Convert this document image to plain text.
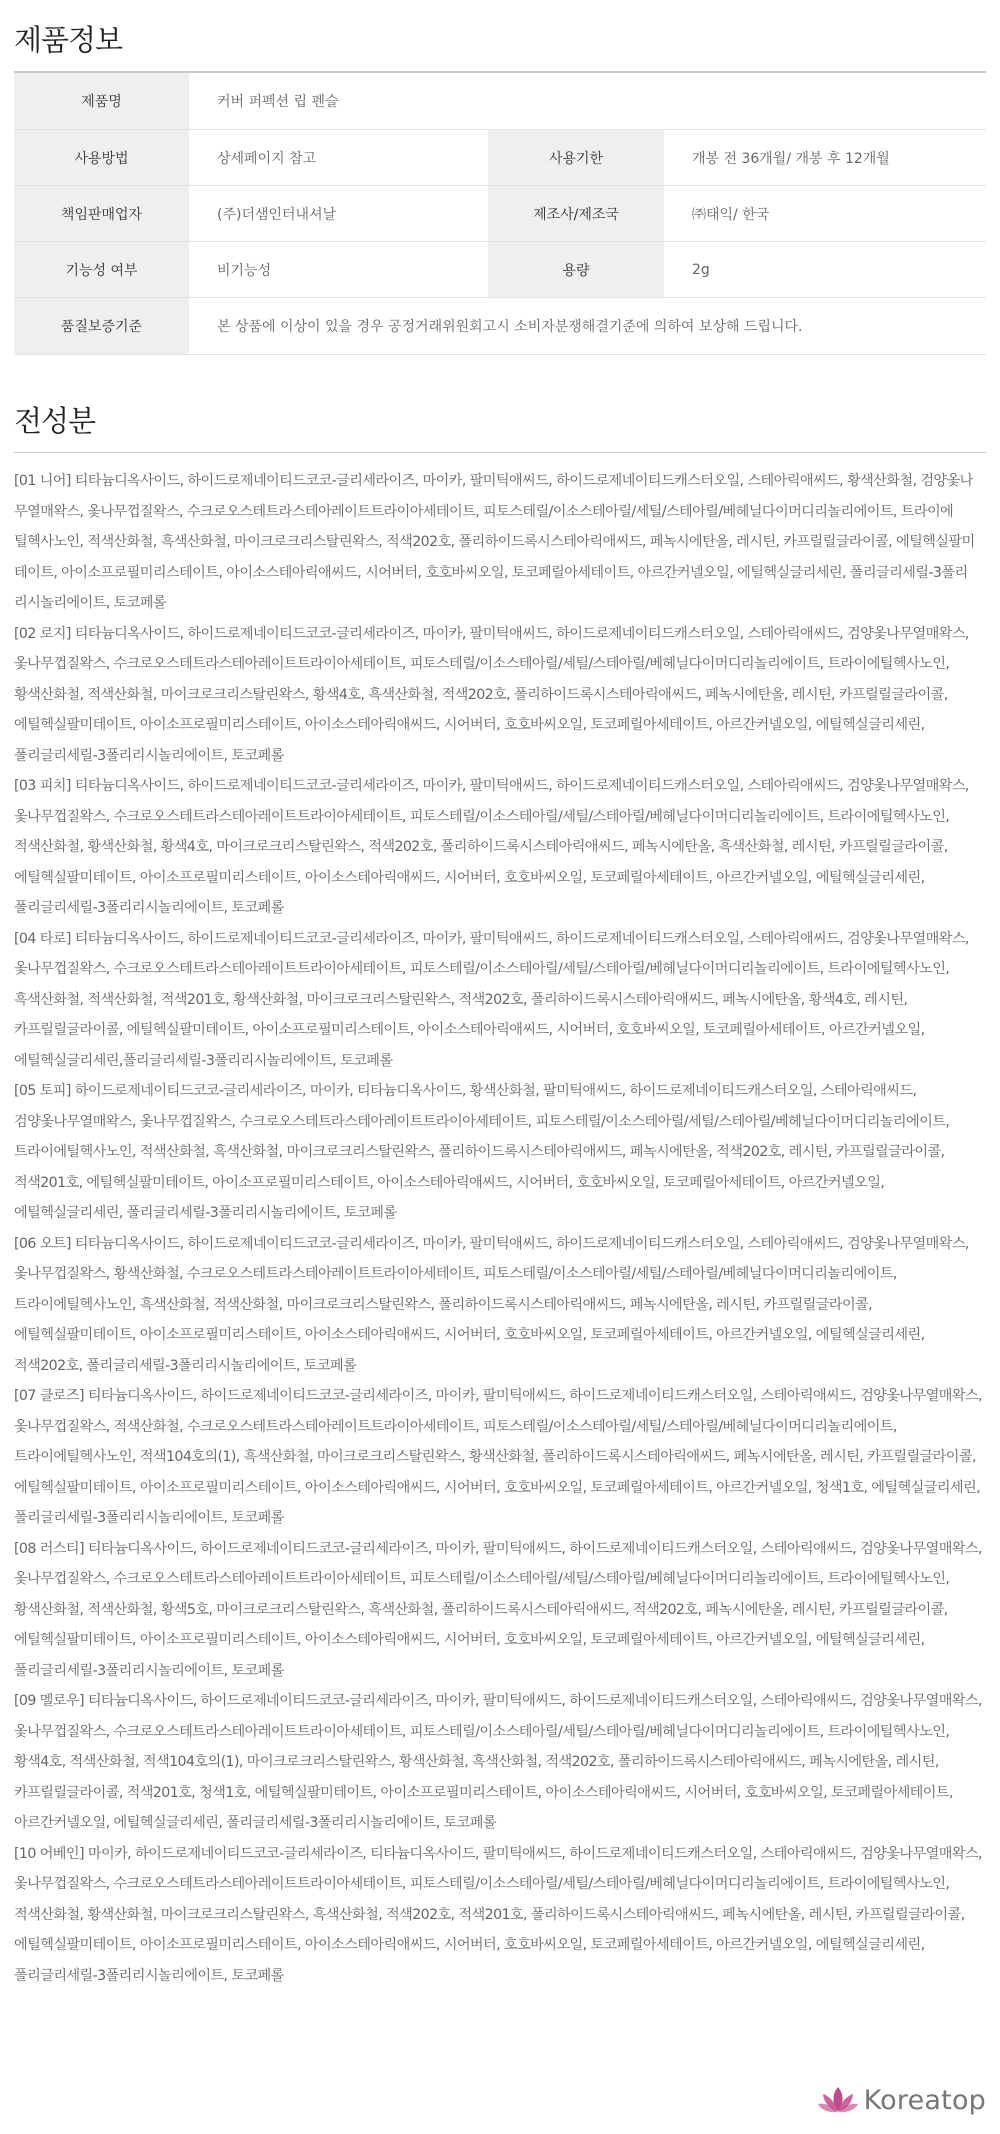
제품정보
제품명	커버 퍼펙션 립 펜슬		
사용방법	상세페이지 참고	사용기한	개봉 전 36개월/ 개봉 후 12개월
책임판매업자	(주)더샘인터내셔날	제조사/제조국	㈜태익/ 한국
기능성 여부	비기능성	용량	2g
품질보증기준	본 상품에 이상이 있을 경우 공정거래위원회고시 소비자분쟁해결기준에 의하여 보상해 드립니다.		
전성분

[01 니어] 티타늄디옥사이드, 하이드로제네이티드코코-글리세라이즈, 마이카, 팔미틱애씨드, 하이드로제네이티드캐스터오일, 스테아릭애씨드, 황색산화철, 검양옻나 무열매왁스, 옻나무껍질왁스, 수크로오스테트라스테아레이트트라이아세테이트, 피토스테릴/이소스테아릴/세틸/스테아릴/베헤닐다이머디리놀리에이트, 트라이에 틸헥사노인, 적색산화철, 흑색산화철, 마이크로크리스탈린왁스, 적색202호, 폴리하이드록시스테아릭애씨드, 페녹시에탄올, 레시틴, 카프릴릴글라이콜, 에틸헥실팔미 테이트, 아이소프로필미리스테이트, 아이소스테아릭애씨드, 시어버터, 호호바씨오일, 토코페릴아세테이트, 아르간커넬오일, 에틸헥실글리세린, 폴리글리세릴-3폴리 리시놀리에이트, 토코페롤

[02 로지] 티타늄디옥사이드, 하이드로제네이티드코코-글리세라이즈, 마이카, 팔미틱애씨드, 하이드로제네이티드캐스터오일, 스테아릭애씨드, 검양옻나무열매왁스, 옻나무껍질왁스, 수크로오스테트라스테아레이트트라이아세테이트, 피토스테릴/이소스테아릴/세틸/스테아릴/베헤닐다이머디리놀리에이트, 트라이에틸헥사노인, 황색산화철, 적색산화철, 마이크로크리스탈린왁스, 황색4호, 흑색산화철, 적색202호, 폴리하이드록시스테아릭애씨드, 페녹시에탄올, 레시틴, 카프릴릴글라이콜, 에틸헥실팔미테이트, 아이소프로필미리스테이트, 아이소스테아릭애씨드, 시어버터, 호호바씨오일, 토코페릴아세테이트, 아르간커넬오일, 에틸헥실글리세린, 폴리글리세릴-3폴리리시놀리에이트, 토코페롤

[03 피치] 티타늄디옥사이드, 하이드로제네이티드코코-글리세라이즈, 마이카, 팔미틱애씨드, 하이드로제네이티드캐스터오일, 스테아릭애씨드, 검양옻나무열매왁스, 옻나무껍질왁스, 수크로오스테트라스테아레이트트라이아세테이트, 피토스테릴/이소스테아릴/세틸/스테아릴/베헤닐다이머디리놀리에이트, 트라이에틸헥사노인, 적색산화철, 황색산화철, 황색4호, 마이크로크리스탈린왁스, 적색202호, 폴리하이드록시스테아릭애씨드, 페녹시에탄올, 흑색산화철, 레시틴, 카프릴릴글라이콜, 에틸헥실팔미테이트, 아이소프로필미리스테이트, 아이소스테아릭애씨드, 시어버터, 호호바씨오일, 토코페릴아세테이트, 아르간커넬오일, 에틸헥실글리세린, 폴리글리세릴-3폴리리시놀리에이트, 토코페롤

[04 타로] 티타늄디옥사이드, 하이드로제네이티드코코-글리세라이즈, 마이카, 팔미틱애씨드, 하이드로제네이티드캐스터오일, 스테아릭애씨드, 검양옻나무열매왁스, 옻나무껍질왁스, 수크로오스테트라스테아레이트트라이아세테이트, 피토스테릴/이소스테아릴/세틸/스테아릴/베헤닐다이머디리놀리에이트, 트라이에틸헥사노인, 흑색산화철, 적색산화철, 적색201호, 황색산화철, 마이크로크리스탈린왁스, 적색202호, 폴리하이드록시스테아릭애씨드, 페녹시에탄올, 황색4호, 레시틴, 카프릴릴글라이콜, 에틸헥실팔미테이트, 아이소프로필미리스테이트, 아이소스테아릭애씨드, 시어버터, 호호바씨오일, 토코페릴아세테이트, 아르간커넬오일, 에틸헥실글리세린,폴리글리세릴-3폴리리시놀리에이트, 토코페롤

[05 토피] 하이드로제네이티드코코-글리세라이즈, 마이카, 티타늄디옥사이드, 황색산화철, 팔미틱애씨드, 하이드로제네이티드캐스터오일, 스테아릭애씨드, 검양옻나무열매왁스, 옻나무껍질왁스, 수크로오스테트라스테아레이트트라이아세테이트, 피토스테릴/이소스테아릴/세틸/스테아릴/베헤닐다이머디리놀리에이트, 트라이에틸헥사노인, 적색산화철, 흑색산화철, 마이크로크리스탈린왁스, 폴리하이드록시스테아릭애씨드, 페녹시에탄올, 적색202호, 레시틴, 카프릴릴글라이콜, 적색201호, 에틸헥실팔미테이트, 아이소프로필미리스테이트, 아이소스테아릭애씨드, 시어버터, 호호바씨오일, 토코페릴아세테이트, 아르간커넬오일, 에틸헥실글리세린, 폴리글리세릴-3폴리리시놀리에이트, 토코페롤

[06 오트] 티타늄디옥사이드, 하이드로제네이티드코코-글리세라이즈, 마이카, 팔미틱애씨드, 하이드로제네이티드캐스터오일, 스테아릭애씨드, 검양옻나무열매왁스, 옻나무껍질왁스, 황색산화철, 수크로오스테트라스테아레이트트라이아세테이트, 피토스테릴/이소스테아릴/세틸/스테아릴/베헤닐다이머디리놀리에이트, 트라이에틸헥사노인, 흑색산화철, 적색산화철, 마이크로크리스탈린왁스, 폴리하이드록시스테아릭애씨드, 페녹시에탄올, 레시틴, 카프릴릴글라이콜, 에틸헥실팔미테이트, 아이소프로필미리스테이트, 아이소스테아릭애씨드, 시어버터, 호호바씨오일, 토코페릴아세테이트, 아르간커넬오일, 에틸헥실글리세린, 적색202호, 폴리글리세릴-3폴리리시놀리에이트, 토코페롤

[07 클로즈] 티타늄디옥사이드, 하이드로제네이티드코코-글리세라이즈, 마이카, 팔미틱애씨드, 하이드로제네이티드캐스터오일, 스테아릭애씨드, 검양옻나무열매왁스, 옻나무껍질왁스, 적색산화철, 수크로오스테트라스테아레이트트라이아세테이트, 피토스테릴/이소스테아릴/세틸/스테아릴/베헤닐다이머디리놀리에이트, 트라이에틸헥사노인, 적색104호의(1), 흑색산화철, 마이크로크리스탈린왁스, 황색산화철, 폴리하이드록시스테아릭애씨드, 페녹시에탄올, 레시틴, 카프릴릴글라이콜, 에틸헥실팔미테이트, 아이소프로필미리스테이트, 아이소스테아릭애씨드, 시어버터, 호호바씨오일, 토코페릴아세테이트, 아르간커넬오일, 청색1호, 에틸헥실글리세린, 폴리글리세릴-3폴리리시놀리에이트, 토코페롤

[08 러스티] 티타늄디옥사이드, 하이드로제네이티드코코-글리세라이즈, 마이카, 팔미틱애씨드, 하이드로제네이티드캐스터오일, 스테아릭애씨드, 검양옻나무열매왁스, 옻나무껍질왁스, 수크로오스테트라스테아레이트트라이아세테이트, 피토스테릴/이소스테아릴/세틸/스테아릴/베헤닐다이머디리놀리에이트, 트라이에틸헥사노인, 황색산화철, 적색산화철, 황색5호, 마이크로크리스탈린왁스, 흑색산화철, 폴리하이드록시스테아릭애씨드, 적색202호, 페녹시에탄올, 레시틴, 카프릴릴글라이콜, 에틸헥실팔미테이트, 아이소프로필미리스테이트, 아이소스테아릭애씨드, 시어버터, 호호바씨오일, 토코페릴아세테이트, 아르간커넬오일, 에틸헥실글리세린, 폴리글리세릴-3폴리리시놀리에이트, 토코페롤

[09 멜로우] 티타늄디옥사이드, 하이드로제네이티드코코-글리세라이즈, 마이카, 팔미틱애씨드, 하이드로제네이티드캐스터오일, 스테아릭애씨드, 검양옻나무열매왁스, 옻나무껍질왁스, 수크로오스테트라스테아레이트트라이아세테이트, 피토스테릴/이소스테아릴/세틸/스테아릴/베헤닐다이머디리놀리에이트, 트라이에틸헥사노인, 황색4호, 적색산화철, 적색104호의(1), 마이크로크리스탈린왁스, 황색산화철, 흑색산화철, 적색202호, 폴리하이드록시스테아릭애씨드, 페녹시에탄올, 레시틴, 카프릴릴글라이콜, 적색201호, 청색1호, 에틸헥실팔미테이트, 아이소프로필미리스테이트, 아이소스테아릭애씨드, 시어버터, 호호바씨오일, 토코페릴아세테이트, 아르간커넬오일, 에틸헥실글리세린, 폴리글리세릴-3폴리리시놀리에이트, 토코페롤

[10 어베인] 마이카, 하이드로제네이티드코코-글리세라이즈, 티타늄디옥사이드, 팔미틱애씨드, 하이드로제네이티드캐스터오일, 스테아릭애씨드, 검양옻나무열매왁스, 옻나무껍질왁스, 수크로오스테트라스테아레이트트라이아세테이트, 피토스테릴/이소스테아릴/세틸/스테아릴/베헤닐다이머디리놀리에이트, 트라이에틸헥사노인, 적색산화철, 황색산화철, 마이크로크리스탈린왁스, 흑색산화철, 적색202호, 적색201호, 폴리하이드록시스테아릭애씨드, 페녹시에탄올, 레시틴, 카프릴릴글라이콜, 에틸헥실팔미테이트, 아이소프로필미리스테이트, 아이소스테아릭애씨드, 시어버터, 호호바씨오일, 토코페릴아세테이트, 아르간커넬오일, 에틸헥실글리세린, 폴리글리세릴-3폴리리시놀리에이트, 토코페롤

Koreatop
